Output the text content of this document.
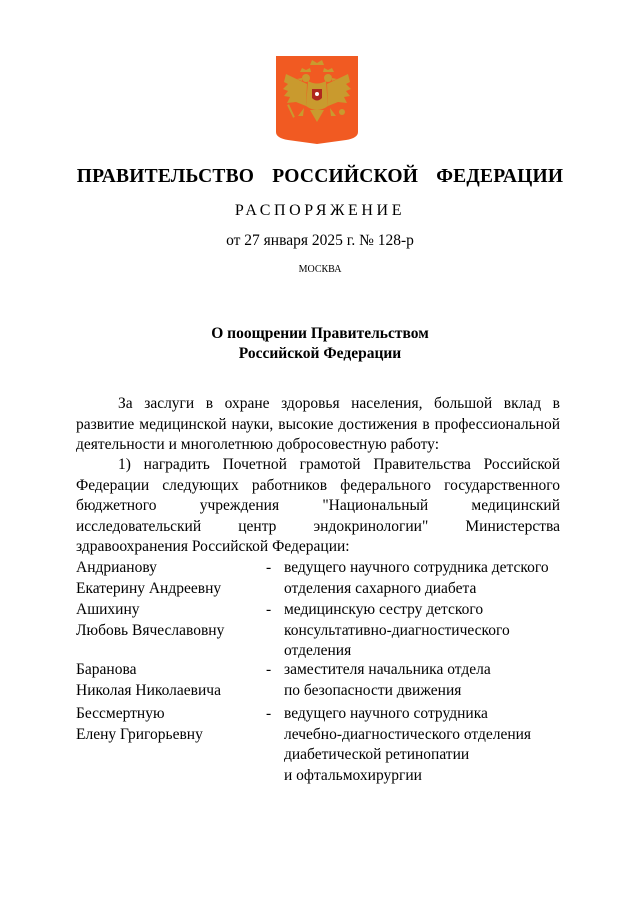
ПРАВИТЕЛЬСТВО  РОССИЙСКОЙ  ФЕДЕРАЦИИ
РАСПОРЯЖЕНИЕ
от 27 января 2025 г. № 128-р
МОСКВА
О поощрении Правительством
Российской Федерации
За заслуги в охране здоровья населения, большой вклад в развитие медицинской науки, высокие достижения в профессиональной деятельности и многолетнюю добросовестную работу:
1) наградить Почетной грамотой Правительства Российской Федерации следующих работников федерального государственного бюджетного учреждения "Национальный медицинский исследовательский центр эндокринологии" Министерства здравоохранения Российской Федерации:
Андрианову
Екатерину Андреевну
- ведущего научного сотрудника детского
отделения сахарного диабета
Ашихину
Любовь Вячеславовну
- медицинскую сестру детского
консультативно-диагностического
отделения
Баранова
Николая Николаевича
- заместителя начальника отдела
по безопасности движения
Бессмертную
Елену Григорьевну
- ведущего научного сотрудника
лечебно-диагностического отделения
диабетической ретинопатии
и офтальмохирургии
